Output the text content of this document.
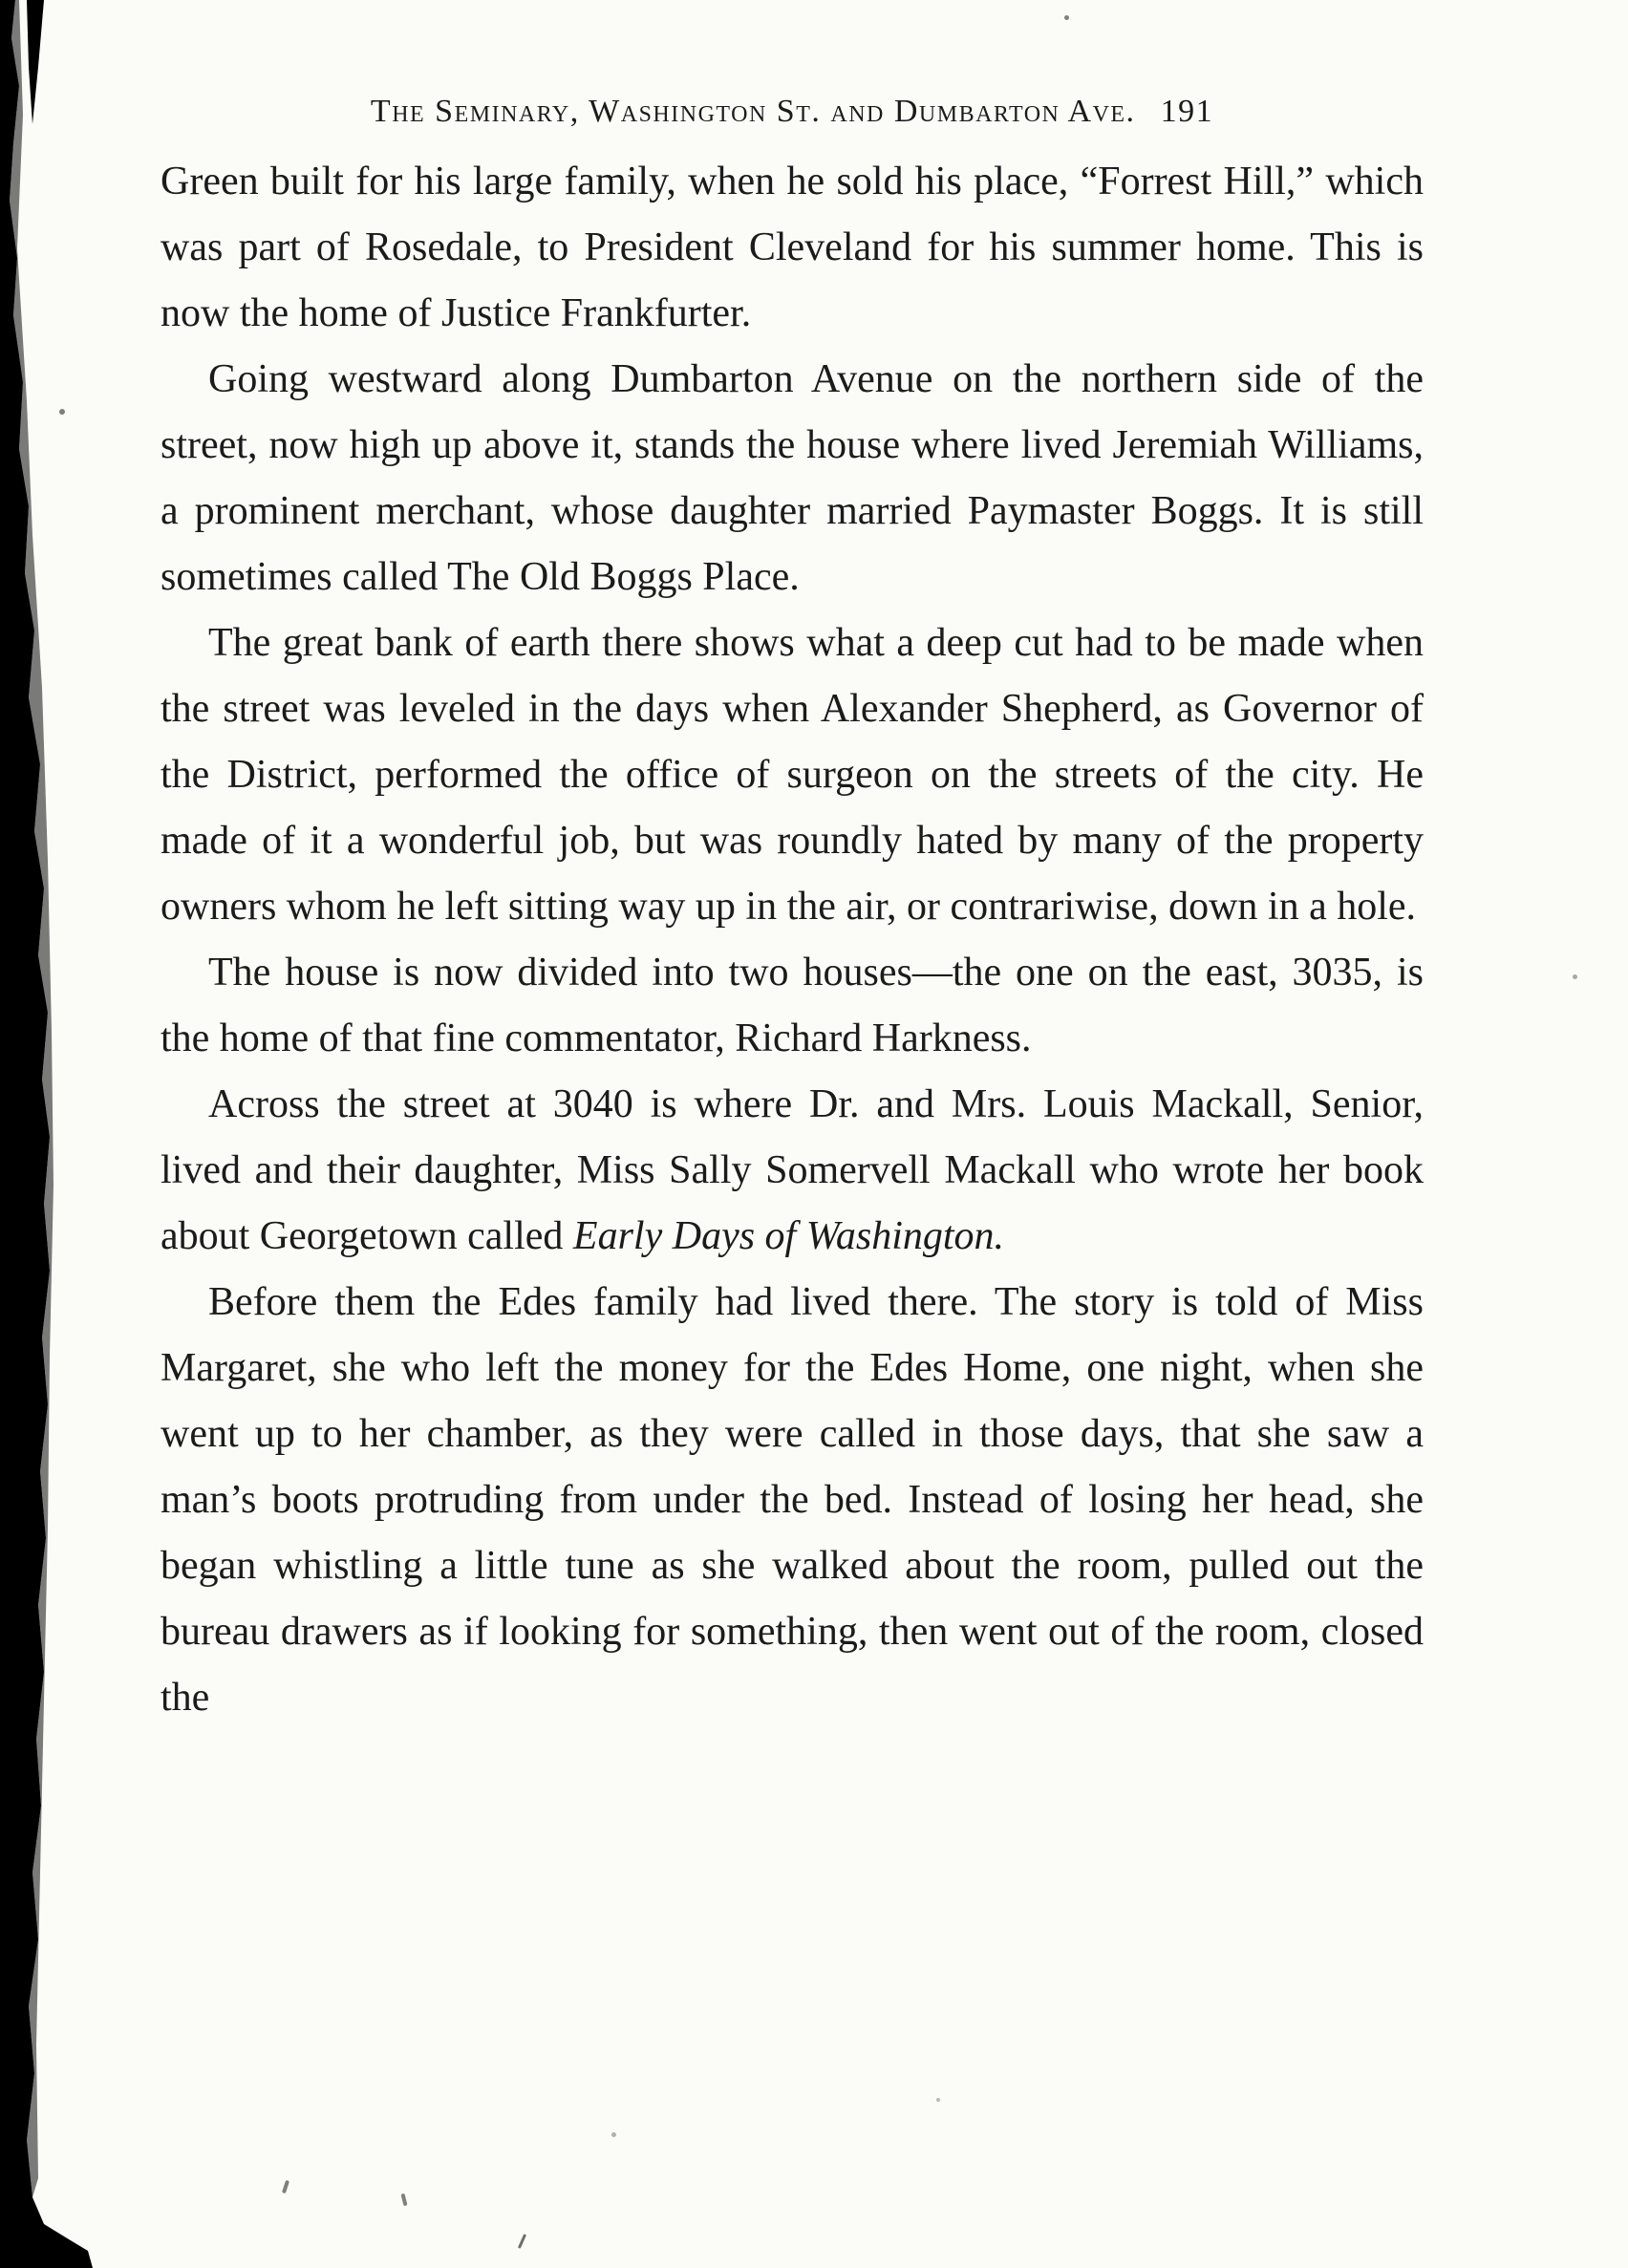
The Seminary, Washington St. and Dumbarton Ave. 191

Green built for his large family, when he sold his place, “Forrest Hill,” which was part of Rosedale, to President Cleveland for his summer home. This is now the home of Justice Frankfurter.

Going westward along Dumbarton Avenue on the northern side of the street, now high up above it, stands the house where lived Jeremiah Williams, a prominent merchant, whose daughter married Paymaster Boggs. It is still sometimes called The Old Boggs Place.

The great bank of earth there shows what a deep cut had to be made when the street was leveled in the days when Alexander Shepherd, as Governor of the District, performed the office of surgeon on the streets of the city. He made of it a wonderful job, but was roundly hated by many of the property owners whom he left sitting way up in the air, or contrariwise, down in a hole.

The house is now divided into two houses—the one on the east, 3035, is the home of that fine commentator, Richard Harkness.

Across the street at 3040 is where Dr. and Mrs. Louis Mackall, Senior, lived and their daughter, Miss Sally Somervell Mackall who wrote her book about Georgetown called Early Days of Washington.

Before them the Edes family had lived there. The story is told of Miss Margaret, she who left the money for the Edes Home, one night, when she went up to her chamber, as they were called in those days, that she saw a man’s boots protruding from under the bed. Instead of losing her head, she began whistling a little tune as she walked about the room, pulled out the bureau drawers as if looking for something, then went out of the room, closed the
